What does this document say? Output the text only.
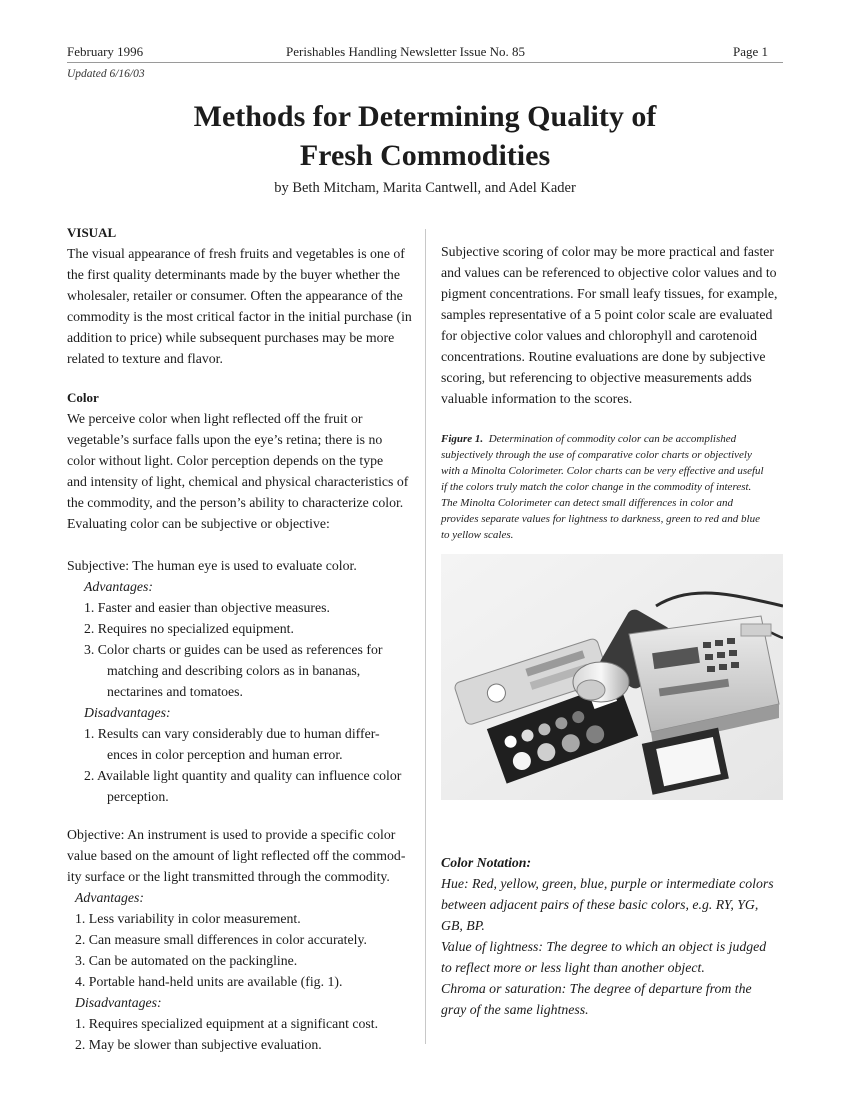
February 1996	Perishables Handling Newsletter Issue No. 85	Page 1
Updated 6/16/03
Methods for Determining Quality of
Fresh Commodities
by Beth Mitcham, Marita Cantwell, and Adel Kader
VISUAL
The visual appearance of fresh fruits and vegetables is one of
the first quality determinants made by the buyer whether the
wholesaler, retailer or consumer. Often the appearance of the
commodity is the most critical factor in the initial purchase (in
addition to price) while subsequent purchases may be more
related to texture and flavor.
Color
We perceive color when light reflected off the fruit or
vegetable’s surface falls upon the eye’s retina; there is no
color without light. Color perception depends on the type
and intensity of light, chemical and physical characteristics of
the commodity, and the person’s ability to characterize color.
Evaluating color can be subjective or objective:
Subjective: The human eye is used to evaluate color.
Advantages:
1. Faster and easier than objective measures.
2. Requires no specialized equipment.
3. Color charts or guides can be used as references for
matching and describing colors as in bananas,
nectarines and tomatoes.
Disadvantages:
1. Results can vary considerably due to human differ-
ences in color perception and human error.
2. Available light quantity and quality can influence color
perception.
Objective: An instrument is used to provide a specific color
value based on the amount of light reflected off the commod-
ity surface or the light transmitted through the commodity.
Advantages:
1. Less variability in color measurement.
2. Can measure small differences in color accurately.
3. Can be automated on the packingline.
4. Portable hand-held units are available (fig. 1).
Disadvantages:
1. Requires specialized equipment at a significant cost.
2. May be slower than subjective evaluation.
Subjective scoring of color may be more practical and faster
and values can be referenced to objective color values and to
pigment concentrations. For small leafy tissues, for example,
samples representative of a 5 point color scale are evaluated
for objective color values and chlorophyll and carotenoid
concentrations. Routine evaluations are done by subjective
scoring, but referencing to objective measurements adds
valuable information to the scores.
Figure 1. Determination of commodity color can be accomplished
subjectively through the use of comparative color charts or objectively
with a Minolta Colorimeter. Color charts can be very effective and useful
if the colors truly match the color change in the commodity of interest.
The Minolta Colorimeter can detect small differences in color and
provides separate values for lightness to darkness, green to red and blue
to yellow scales.
Color Notation:
Hue: Red, yellow, green, blue, purple or intermediate colors
between adjacent pairs of these basic colors, e.g. RY, YG,
GB, BP.
Value of lightness: The degree to which an object is judged
to reflect more or less light than another object.
Chroma or saturation: The degree of departure from the
gray of the same lightness.
